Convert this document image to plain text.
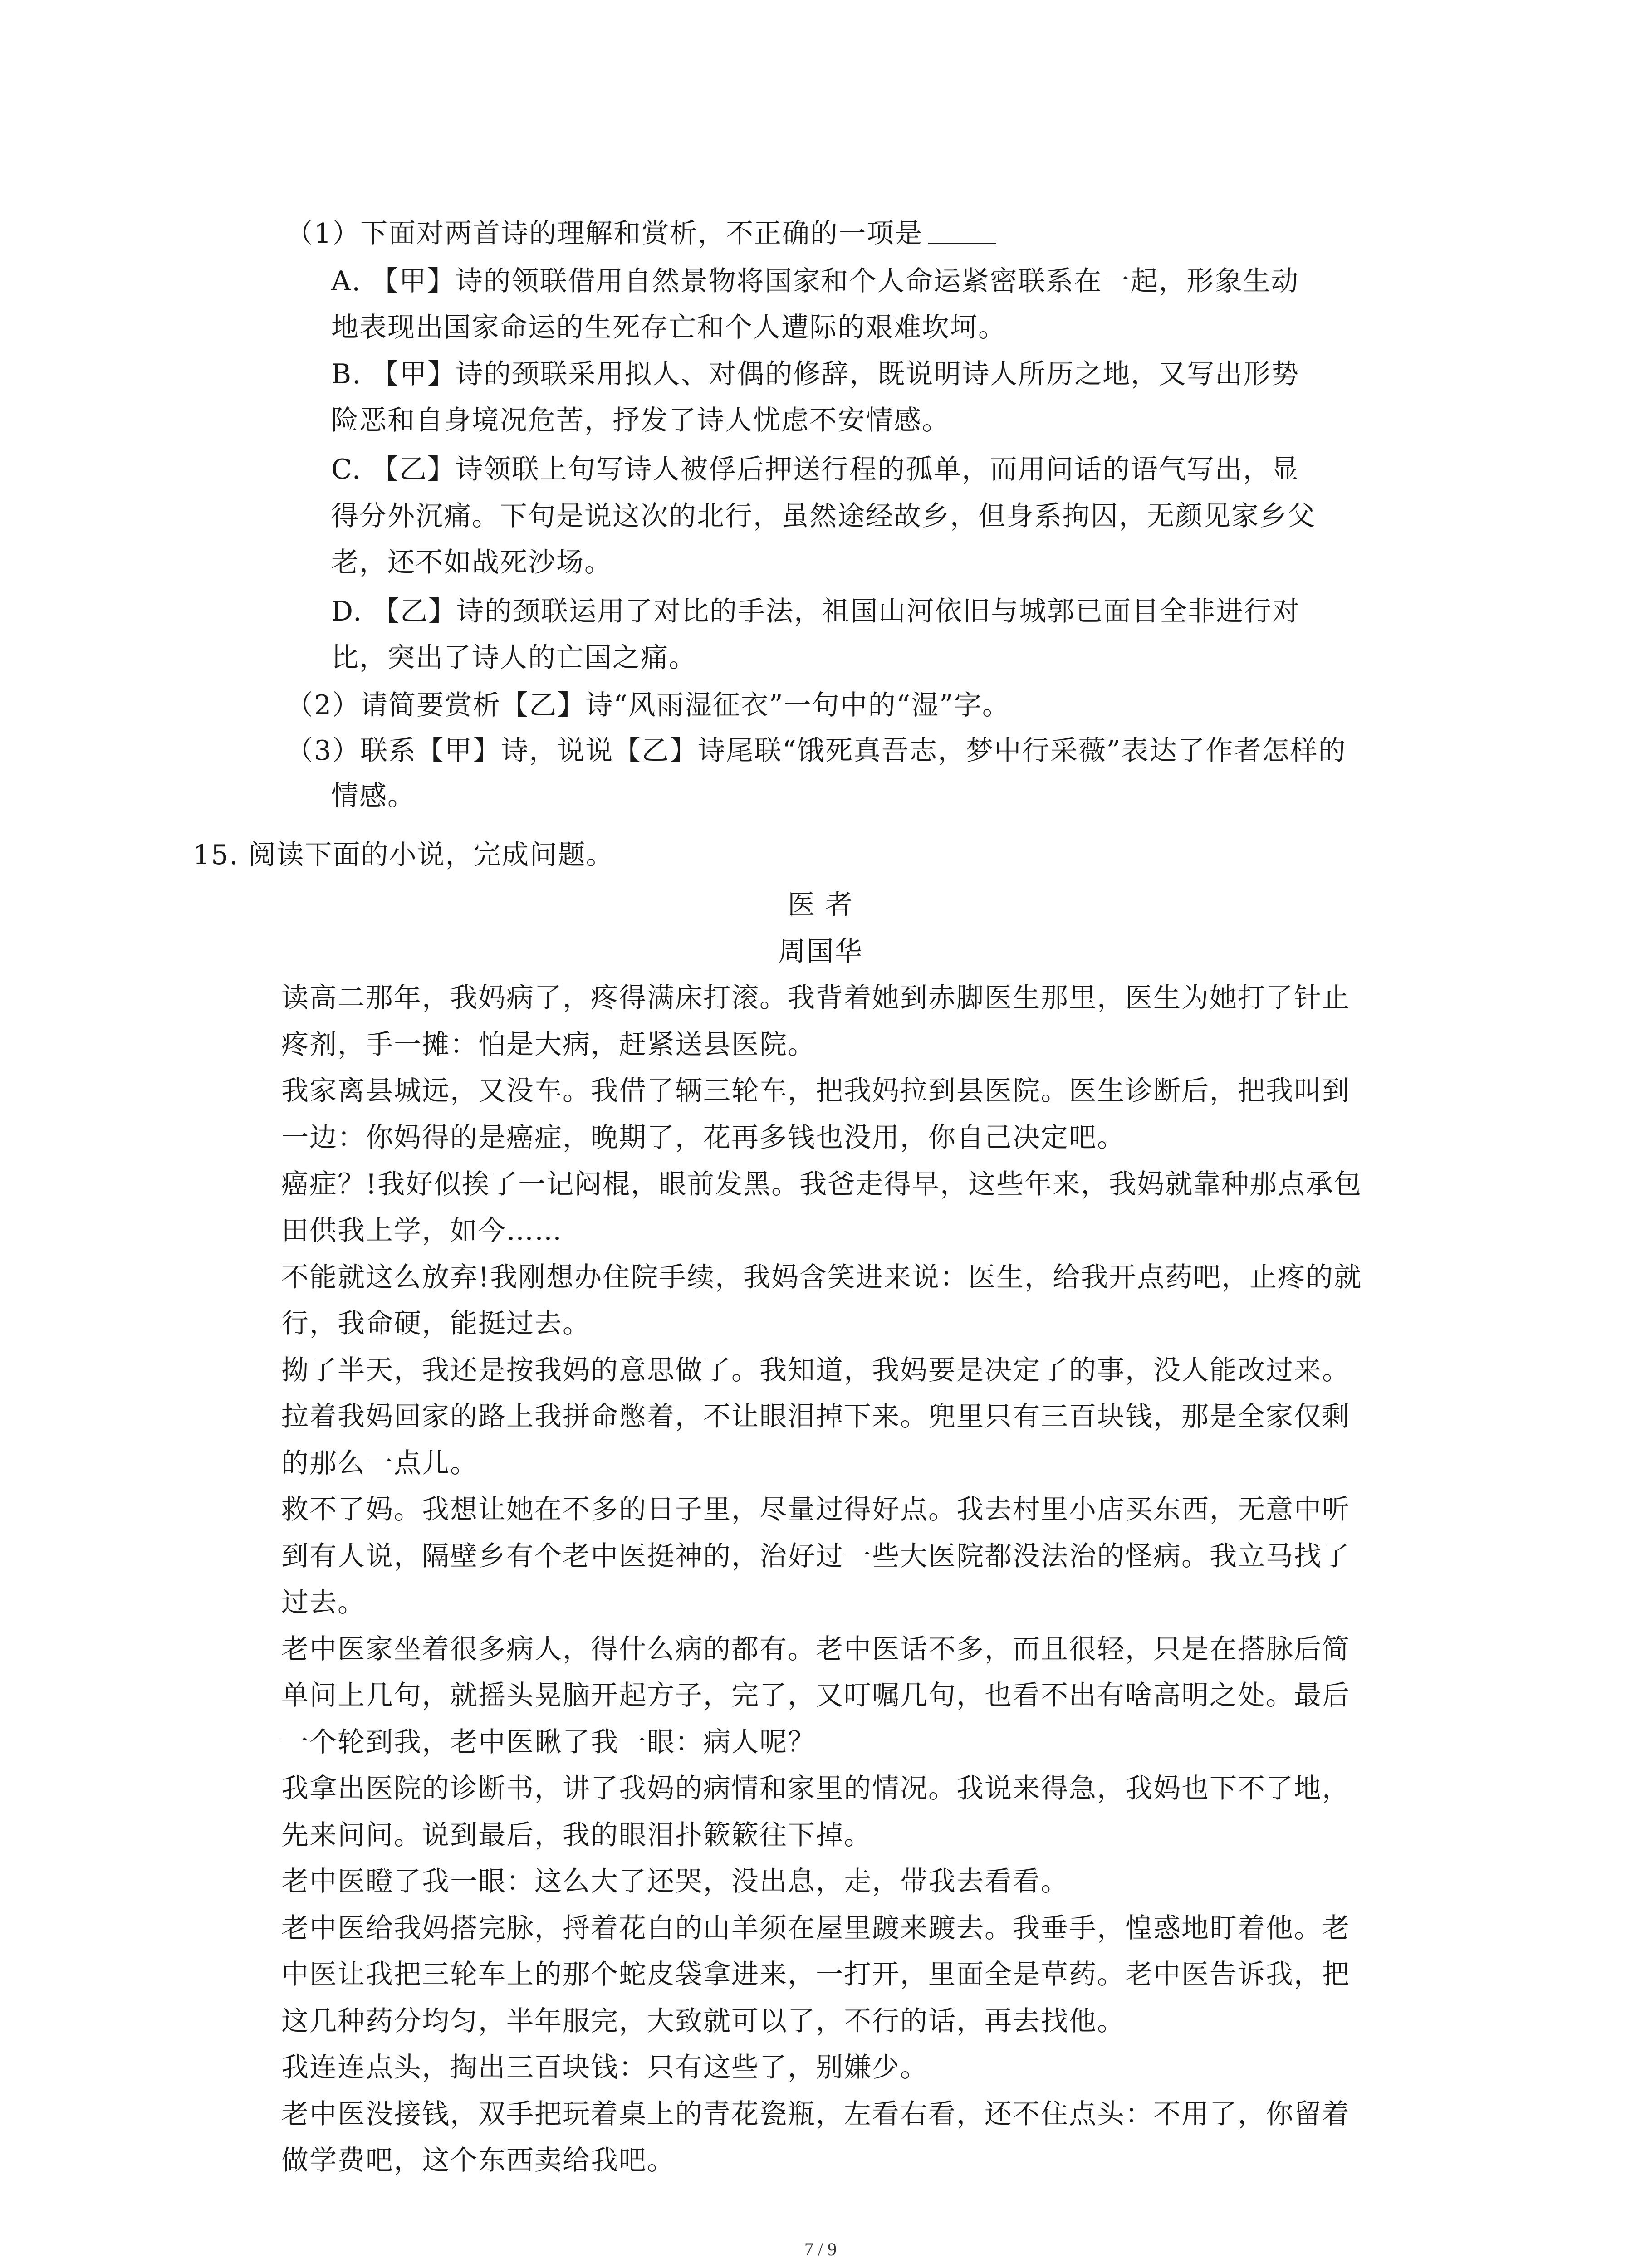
（1）下面对两首诗的理解和赏析，不正确的一项是
A. 【甲】诗的领联借用自然景物将国家和个人命运紧密联系在一起，形象生动
地表现出国家命运的生死存亡和个人遭际的艰难坎坷。
B. 【甲】诗的颈联采用拟人、对偶的修辞，既说明诗人所历之地，又写出形势
险恶和自身境况危苦，抒发了诗人忧虑不安情感。
C. 【乙】诗领联上句写诗人被俘后押送行程的孤单，而用问话的语气写出，显
得分外沉痛。下句是说这次的北行，虽然途经故乡，但身系拘囚，无颜见家乡父
老，还不如战死沙场。
D. 【乙】诗的颈联运用了对比的手法，祖国山河依旧与城郭已面目全非进行对
比，突出了诗人的亡国之痛。
（2）请简要赏析【乙】诗“风雨湿征衣”一句中的“湿”字。
（3）联系【甲】诗，说说【乙】诗尾联“饿死真吾志，梦中行采薇”表达了作者怎样的
情感。
15. 阅读下面的小说，完成问题。
医 者
周国华
读高二那年，我妈病了，疼得满床打滚。我背着她到赤脚医生那里，医生为她打了针止
疼剂，手一摊：怕是大病，赶紧送县医院。
我家离县城远，又没车。我借了辆三轮车，把我妈拉到县医院。医生诊断后，把我叫到
一边：你妈得的是癌症，晚期了，花再多钱也没用，你自己决定吧。
癌症？!我好似挨了一记闷棍，眼前发黑。我爸走得早，这些年来，我妈就靠种那点承包
田供我上学，如今……
不能就这么放弃!我刚想办住院手续，我妈含笑进来说：医生，给我开点药吧，止疼的就
行，我命硬，能挺过去。
拗了半天，我还是按我妈的意思做了。我知道，我妈要是决定了的事，没人能改过来。
拉着我妈回家的路上我拼命憋着，不让眼泪掉下来。兜里只有三百块钱，那是全家仅剩
的那么一点儿。
救不了妈。我想让她在不多的日子里，尽量过得好点。我去村里小店买东西，无意中听
到有人说，隔壁乡有个老中医挺神的，治好过一些大医院都没法治的怪病。我立马找了
过去。
老中医家坐着很多病人，得什么病的都有。老中医话不多，而且很轻，只是在搭脉后简
单问上几句，就摇头晃脑开起方子，完了，又叮嘱几句，也看不出有啥高明之处。最后
一个轮到我，老中医瞅了我一眼：病人呢？
我拿出医院的诊断书，讲了我妈的病情和家里的情况。我说来得急，我妈也下不了地，
先来问问。说到最后，我的眼泪扑簌簌往下掉。
老中医瞪了我一眼：这么大了还哭，没出息，走，带我去看看。
老中医给我妈搭完脉，捋着花白的山羊须在屋里踱来踱去。我垂手，惶惑地盯着他。老
中医让我把三轮车上的那个蛇皮袋拿进来，一打开，里面全是草药。老中医告诉我，把
这几种药分均匀，半年服完，大致就可以了，不行的话，再去找他。
我连连点头，掏出三百块钱：只有这些了，别嫌少。
老中医没接钱，双手把玩着桌上的青花瓷瓶，左看右看，还不住点头：不用了，你留着
做学费吧，这个东西卖给我吧。
7 / 9
